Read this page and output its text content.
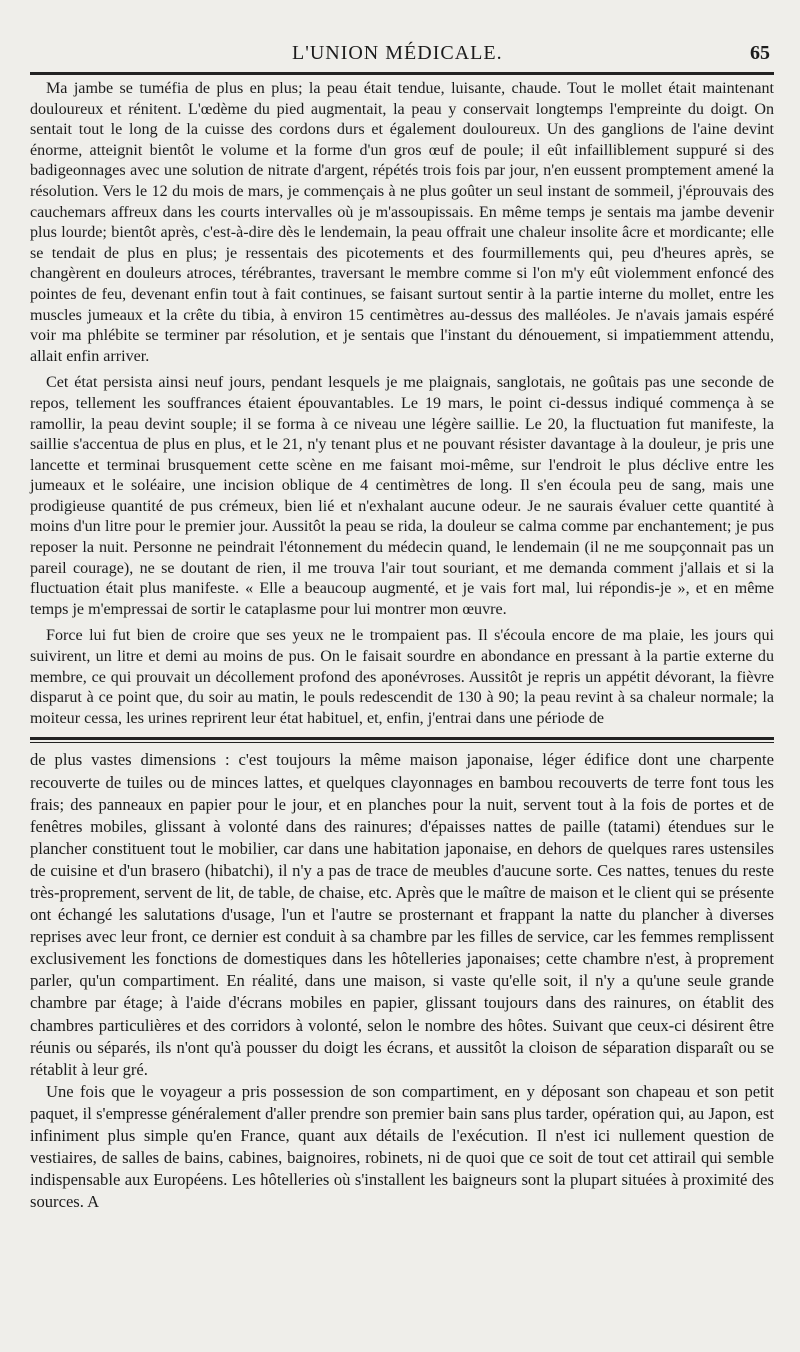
L'UNION MÉDICALE.	65

Ma jambe se tuméfia de plus en plus; la peau était tendue, luisante, chaude. Tout le mollet était maintenant douloureux et rénitent. L'œdème du pied augmentait, la peau y conservait longtemps l'empreinte du doigt. On sentait tout le long de la cuisse des cordons durs et également douloureux. Un des ganglions de l'aine devint énorme, atteignit bientôt le volume et la forme d'un gros œuf de poule; il eût infailliblement suppuré si des badigeonnages avec une solution de nitrate d'argent, répétés trois fois par jour, n'en eussent promptement amené la résolution. Vers le 12 du mois de mars, je commençais à ne plus goûter un seul instant de sommeil, j'éprouvais des cauchemars affreux dans les courts intervalles où je m'assoupissais. En même temps je sentais ma jambe devenir plus lourde; bientôt après, c'est-à-dire dès le lendemain, la peau offrait une chaleur insolite âcre et mordicante; elle se tendait de plus en plus; je ressentais des picotements et des fourmillements qui, peu d'heures après, se changèrent en douleurs atroces, térébrantes, traversant le membre comme si l'on m'y eût violemment enfoncé des pointes de feu, devenant enfin tout à fait continues, se faisant surtout sentir à la partie interne du mollet, entre les muscles jumeaux et la crête du tibia, à environ 15 centimètres au-dessus des malléoles. Je n'avais jamais espéré voir ma phlébite se terminer par résolution, et je sentais que l'instant du dénouement, si impatiemment attendu, allait enfin arriver.

Cet état persista ainsi neuf jours, pendant lesquels je me plaignais, sanglotais, ne goûtais pas une seconde de repos, tellement les souffrances étaient épouvantables. Le 19 mars, le point ci-dessus indiqué commença à se ramollir, la peau devint souple; il se forma à ce niveau une légère saillie. Le 20, la fluctuation fut manifeste, la saillie s'accentua de plus en plus, et le 21, n'y tenant plus et ne pouvant résister davantage à la douleur, je pris une lancette et terminai brusquement cette scène en me faisant moi-même, sur l'endroit le plus déclive entre les jumeaux et le soléaire, une incision oblique de 4 centimètres de long. Il s'en écoula peu de sang, mais une prodigieuse quantité de pus crémeux, bien lié et n'exhalant aucune odeur. Je ne saurais évaluer cette quantité à moins d'un litre pour le premier jour. Aussitôt la peau se rida, la douleur se calma comme par enchantement; je pus reposer la nuit. Personne ne peindrait l'étonnement du médecin quand, le lendemain (il ne me soupçonnait pas un pareil courage), ne se doutant de rien, il me trouva l'air tout souriant, et me demanda comment j'allais et si la fluctuation était plus manifeste. « Elle a beaucoup augmenté, et je vais fort mal, lui répondis-je », et en même temps je m'empressai de sortir le cataplasme pour lui montrer mon œuvre.

Force lui fut bien de croire que ses yeux ne le trompaient pas. Il s'écoula encore de ma plaie, les jours qui suivirent, un litre et demi au moins de pus. On le faisait sourdre en abondance en pressant à la partie externe du membre, ce qui prouvait un décollement profond des aponévroses. Aussitôt je repris un appétit dévorant, la fièvre disparut à ce point que, du soir au matin, le pouls redescendit de 130 à 90; la peau revint à sa chaleur normale; la moiteur cessa, les urines reprirent leur état habituel, et, enfin, j'entrai dans une période de

de plus vastes dimensions : c'est toujours la même maison japonaise, léger édifice dont une charpente recouverte de tuiles ou de minces lattes, et quelques clayonnages en bambou recouverts de terre font tous les frais; des panneaux en papier pour le jour, et en planches pour la nuit, servent tout à la fois de portes et de fenêtres mobiles, glissant à volonté dans des rainures; d'épaisses nattes de paille (tatami) étendues sur le plancher constituent tout le mobilier, car dans une habitation japonaise, en dehors de quelques rares ustensiles de cuisine et d'un brasero (hibatchi), il n'y a pas de trace de meubles d'aucune sorte. Ces nattes, tenues du reste très-proprement, servent de lit, de table, de chaise, etc. Après que le maître de maison et le client qui se présente ont échangé les salutations d'usage, l'un et l'autre se prosternant et frappant la natte du plancher à diverses reprises avec leur front, ce dernier est conduit à sa chambre par les filles de service, car les femmes remplissent exclusivement les fonctions de domestiques dans les hôtelleries japonaises; cette chambre n'est, à proprement parler, qu'un compartiment. En réalité, dans une maison, si vaste qu'elle soit, il n'y a qu'une seule grande chambre par étage; à l'aide d'écrans mobiles en papier, glissant toujours dans des rainures, on établit des chambres particulières et des corridors à volonté, selon le nombre des hôtes. Suivant que ceux-ci désirent être réunis ou séparés, ils n'ont qu'à pousser du doigt les écrans, et aussitôt la cloison de séparation disparaît ou se rétablit à leur gré.

Une fois que le voyageur a pris possession de son compartiment, en y déposant son chapeau et son petit paquet, il s'empresse généralement d'aller prendre son premier bain sans plus tarder, opération qui, au Japon, est infiniment plus simple qu'en France, quant aux détails de l'exécution. Il n'est ici nullement question de vestiaires, de salles de bains, cabines, baignoires, robinets, ni de quoi que ce soit de tout cet attirail qui semble indispensable aux Européens. Les hôtelleries où s'installent les baigneurs sont la plupart situées à proximité des sources. A
